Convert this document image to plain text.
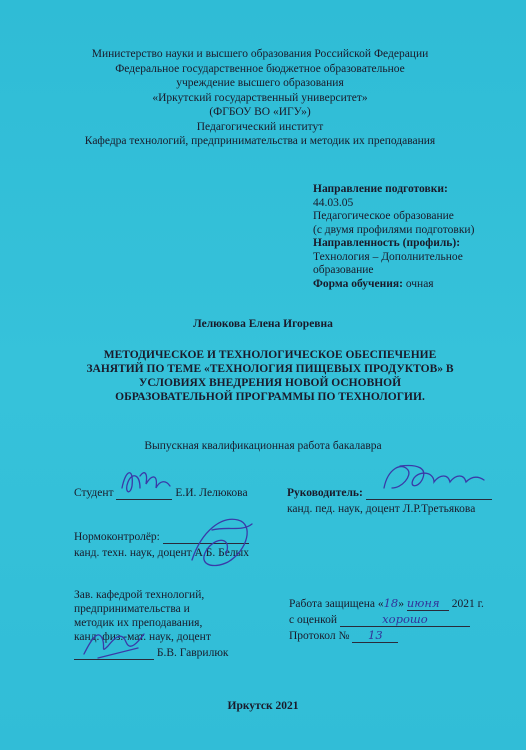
Министерство науки и высшего образования Российской Федерации
Федеральное государственное бюджетное образовательное
учреждение высшего образования
«Иркутский государственный университет»
(ФГБОУ ВО «ИГУ»)
Педагогический институт
Кафедра технологий, предпринимательства и методик их преподавания
Направление подготовки:
44.03.05
Педагогическое образование
(с двумя профилями подготовки)
Направленность (профиль):
Технология – Дополнительное
образование
Форма обучения: очная
Лелюкова Елена Игоревна
МЕТОДИЧЕСКОЕ И ТЕХНОЛОГИЧЕСКОЕ ОБЕСПЕЧЕНИЕ
ЗАНЯТИЙ ПО ТЕМЕ «ТЕХНОЛОГИЯ ПИЩЕВЫХ ПРОДУКТОВ» В
УСЛОВИЯХ ВНЕДРЕНИЯ НОВОЙ ОСНОВНОЙ
ОБРАЗОВАТЕЛЬНОЙ ПРОГРАММЫ ПО ТЕХНОЛОГИИ.
Выпускная квалификационная работа бакалавра
Студент	Е.И. Лелюкова	Руководитель:
канд. пед. наук, доцент Л.Р.Третьякова
Нормоконтролёр:
канд. техн. наук, доцент А.Б. Белых
Зав. кафедрой технологий,
предпринимательства и
методик их преподавания,
канд. физ.-мат. наук, доцент
Б.В. Гаврилюк
Работа защищена «18» июня 2021 г.
с оценкой	хорошо
Протокол № 13
Иркутск 2021
